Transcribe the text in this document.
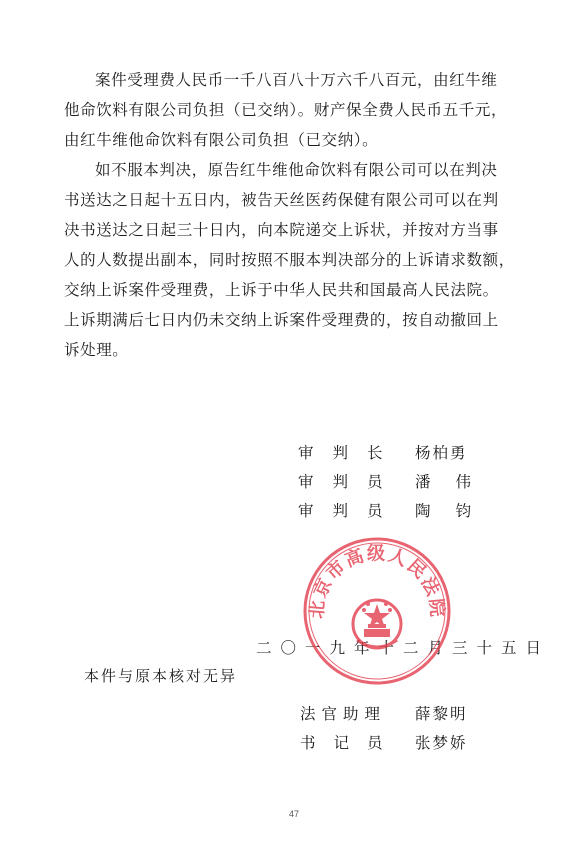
案件受理费人民币一千八百八十万六千八百元，由红牛维
他命饮料有限公司负担（已交纳）。财产保全费人民币五千元，
由红牛维他命饮料有限公司负担（已交纳）。
如不服本判决，原告红牛维他命饮料有限公司可以在判决
书送达之日起十五日内，被告天丝医药保健有限公司可以在判
决书送达之日起三十日内，向本院递交上诉状，并按对方当事
人的人数提出副本，同时按照不服本判决部分的上诉请求数额，
交纳上诉案件受理费，上诉于中华人民共和国最高人民法院。
上诉期满后七日内仍未交纳上诉案件受理费的，按自动撤回上
诉处理。
审判长 杨柏勇
审判员 潘伟
审判员 陶钧
二〇一九年十二月三十五日
北京市高级人民法院
本件与原本核对无异
法官助理 薛黎明
书记员 张梦娇
47
